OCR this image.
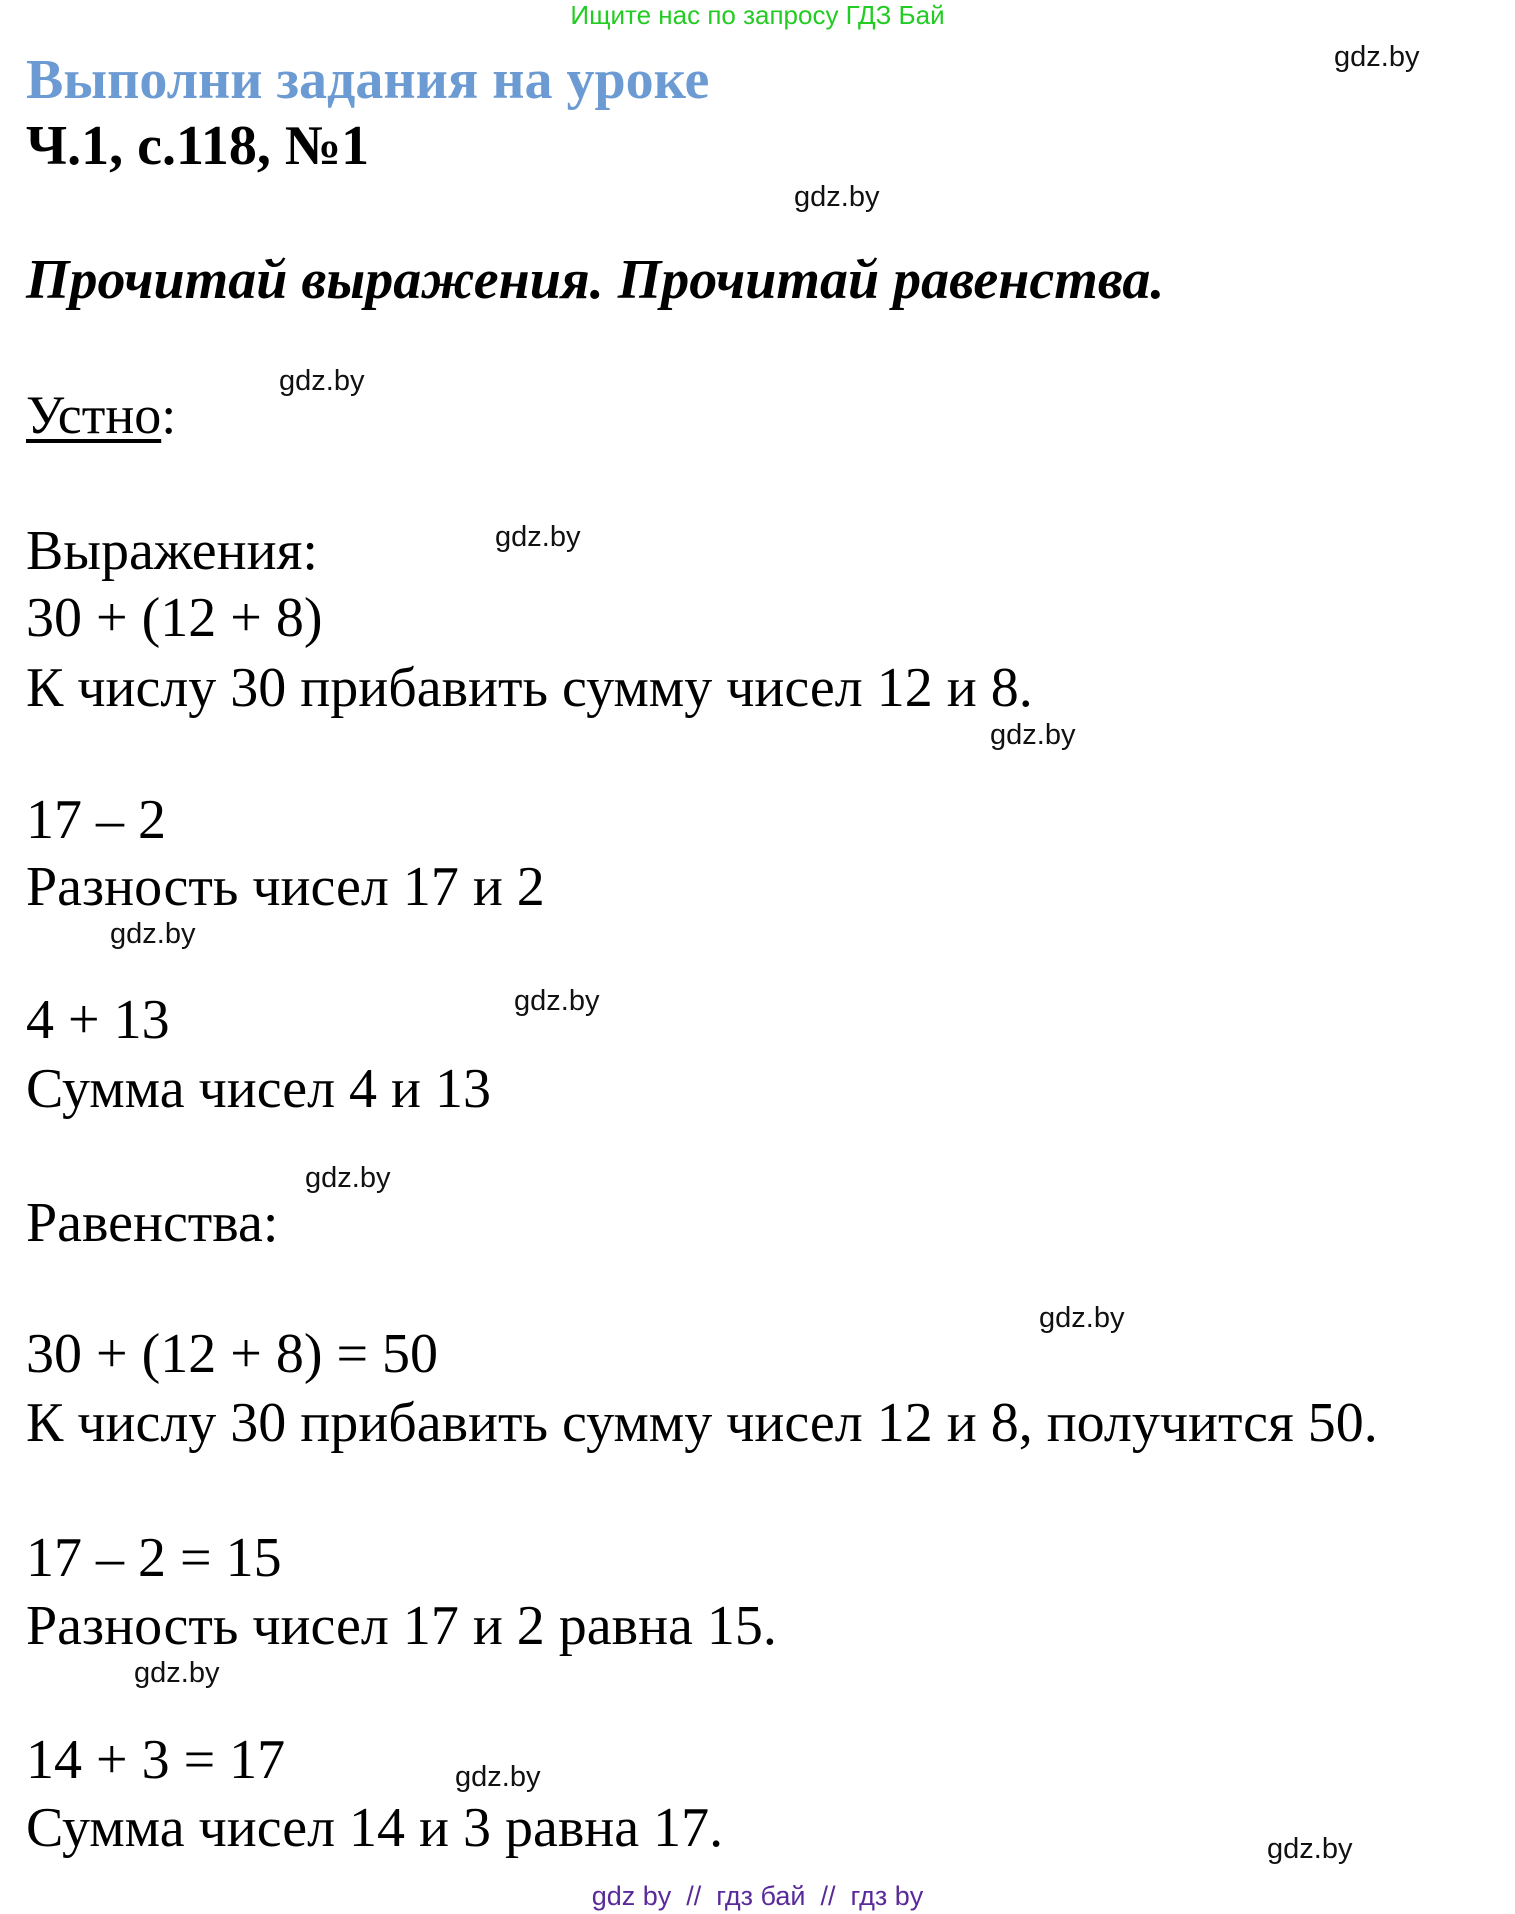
Ищите нас по запросу ГДЗ Бай
Выполни задания на уроке
Ч.1, с.118, №1
Прочитай выражения. Прочитай равенства.
Устно:
Выражения:
30 + (12 + 8)
К числу 30 прибавить сумму чисел 12 и 8.
17 – 2
Разность чисел 17 и 2
4 + 13
Сумма чисел 4 и 13
Равенства:
30 + (12 + 8) = 50
К числу 30 прибавить сумму чисел 12 и 8, получится 50.
17 – 2 = 15
Разность чисел 17 и 2 равна 15.
14 + 3 = 17
Сумма чисел 14 и 3 равна 17.
gdz.by
gdz.by
gdz.by
gdz.by
gdz.by
gdz.by
gdz.by
gdz.by
gdz.by
gdz.by
gdz.by
gdz.by
gdz by  //  гдз бай  //  гдз by
